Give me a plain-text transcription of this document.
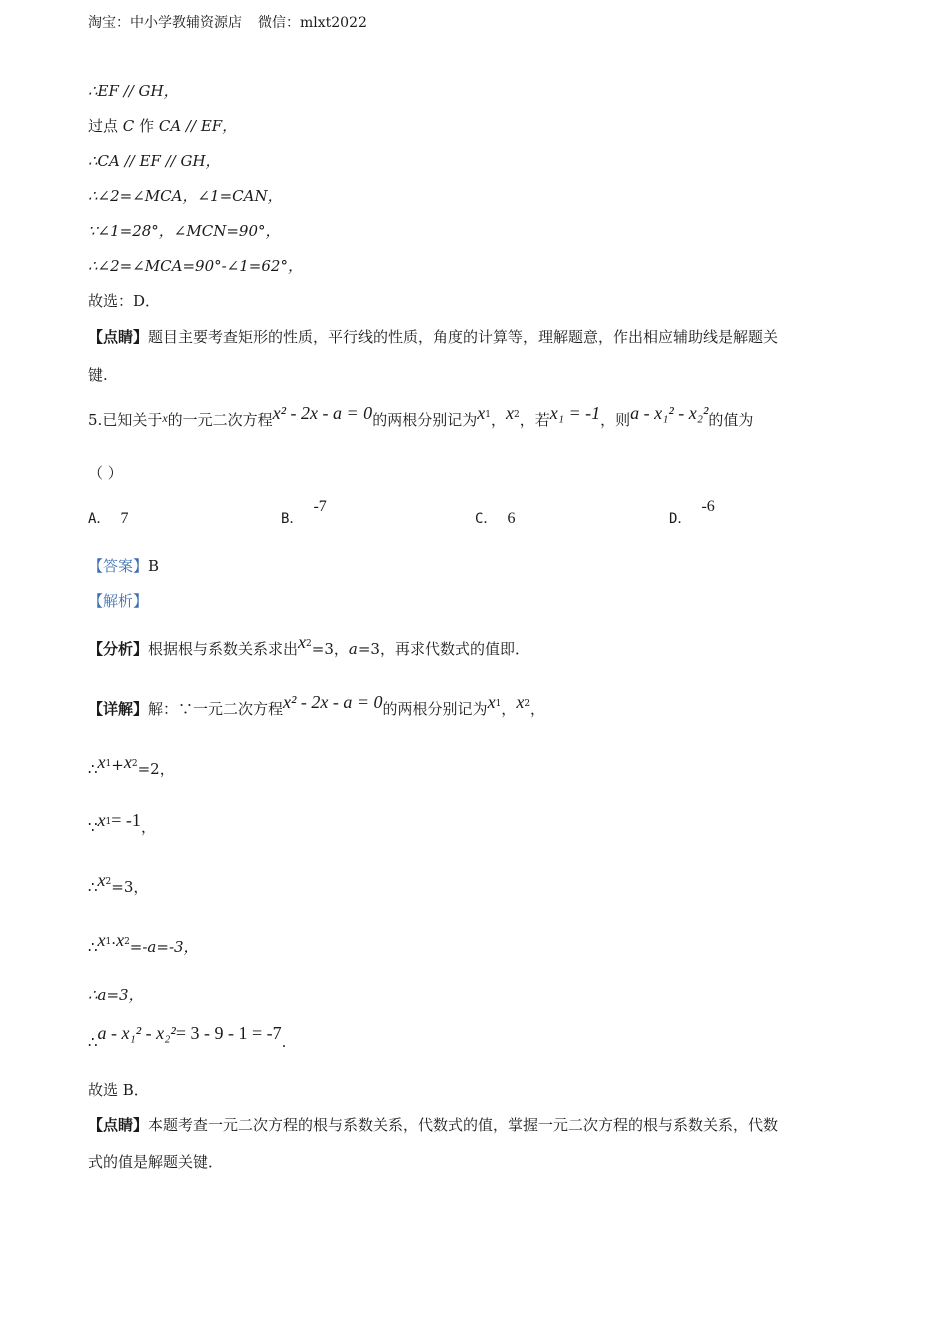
淘宝：中小学教辅资源店 微信：mlxt2022
∴EF // GH，
过点 C 作 CA // EF，
∴CA // EF // GH，
∴∠2=∠MCA，∠1=CAN，
∵∠1=28°，∠MCN=90°，
∴∠2=∠MCA=90°-∠1=62°，
故选：D．
【点睛】题目主要考查矩形的性质，平行线的性质，角度的计算等，理解题意，作出相应辅助线是解题关
键.
5.已知关于$^x$的一元二次方程x² - 2x - a = 0的两根分别记为$x_1$，$x_2$，若x₁ = -1，则a - x₁² - x₂²的值为
（ ）
A． 7	B．-7
C． 6	D．-6
【答案】B
【解析】
【分析】根据根与系数关系求出$x_2=3$，a=3，再求代数式的值即．
【详解】解：∵一元二次方程x² - 2x - a = 0的两根分别记为$x_1$，$x_2$，
$\therefore x_1+x_2=2$，
$\because x_1= -1$，
$\therefore x_2=3$，
$\therefore x_1\cdot x_2=-a=-3$，
∴a=3，
∴a - x₁² - x₂²= 3 - 9 - 1 = -7.
故选 B．
【点睛】本题考查一元二次方程的根与系数关系，代数式的值，掌握一元二次方程的根与系数关系，代数
式的值是解题关键．
